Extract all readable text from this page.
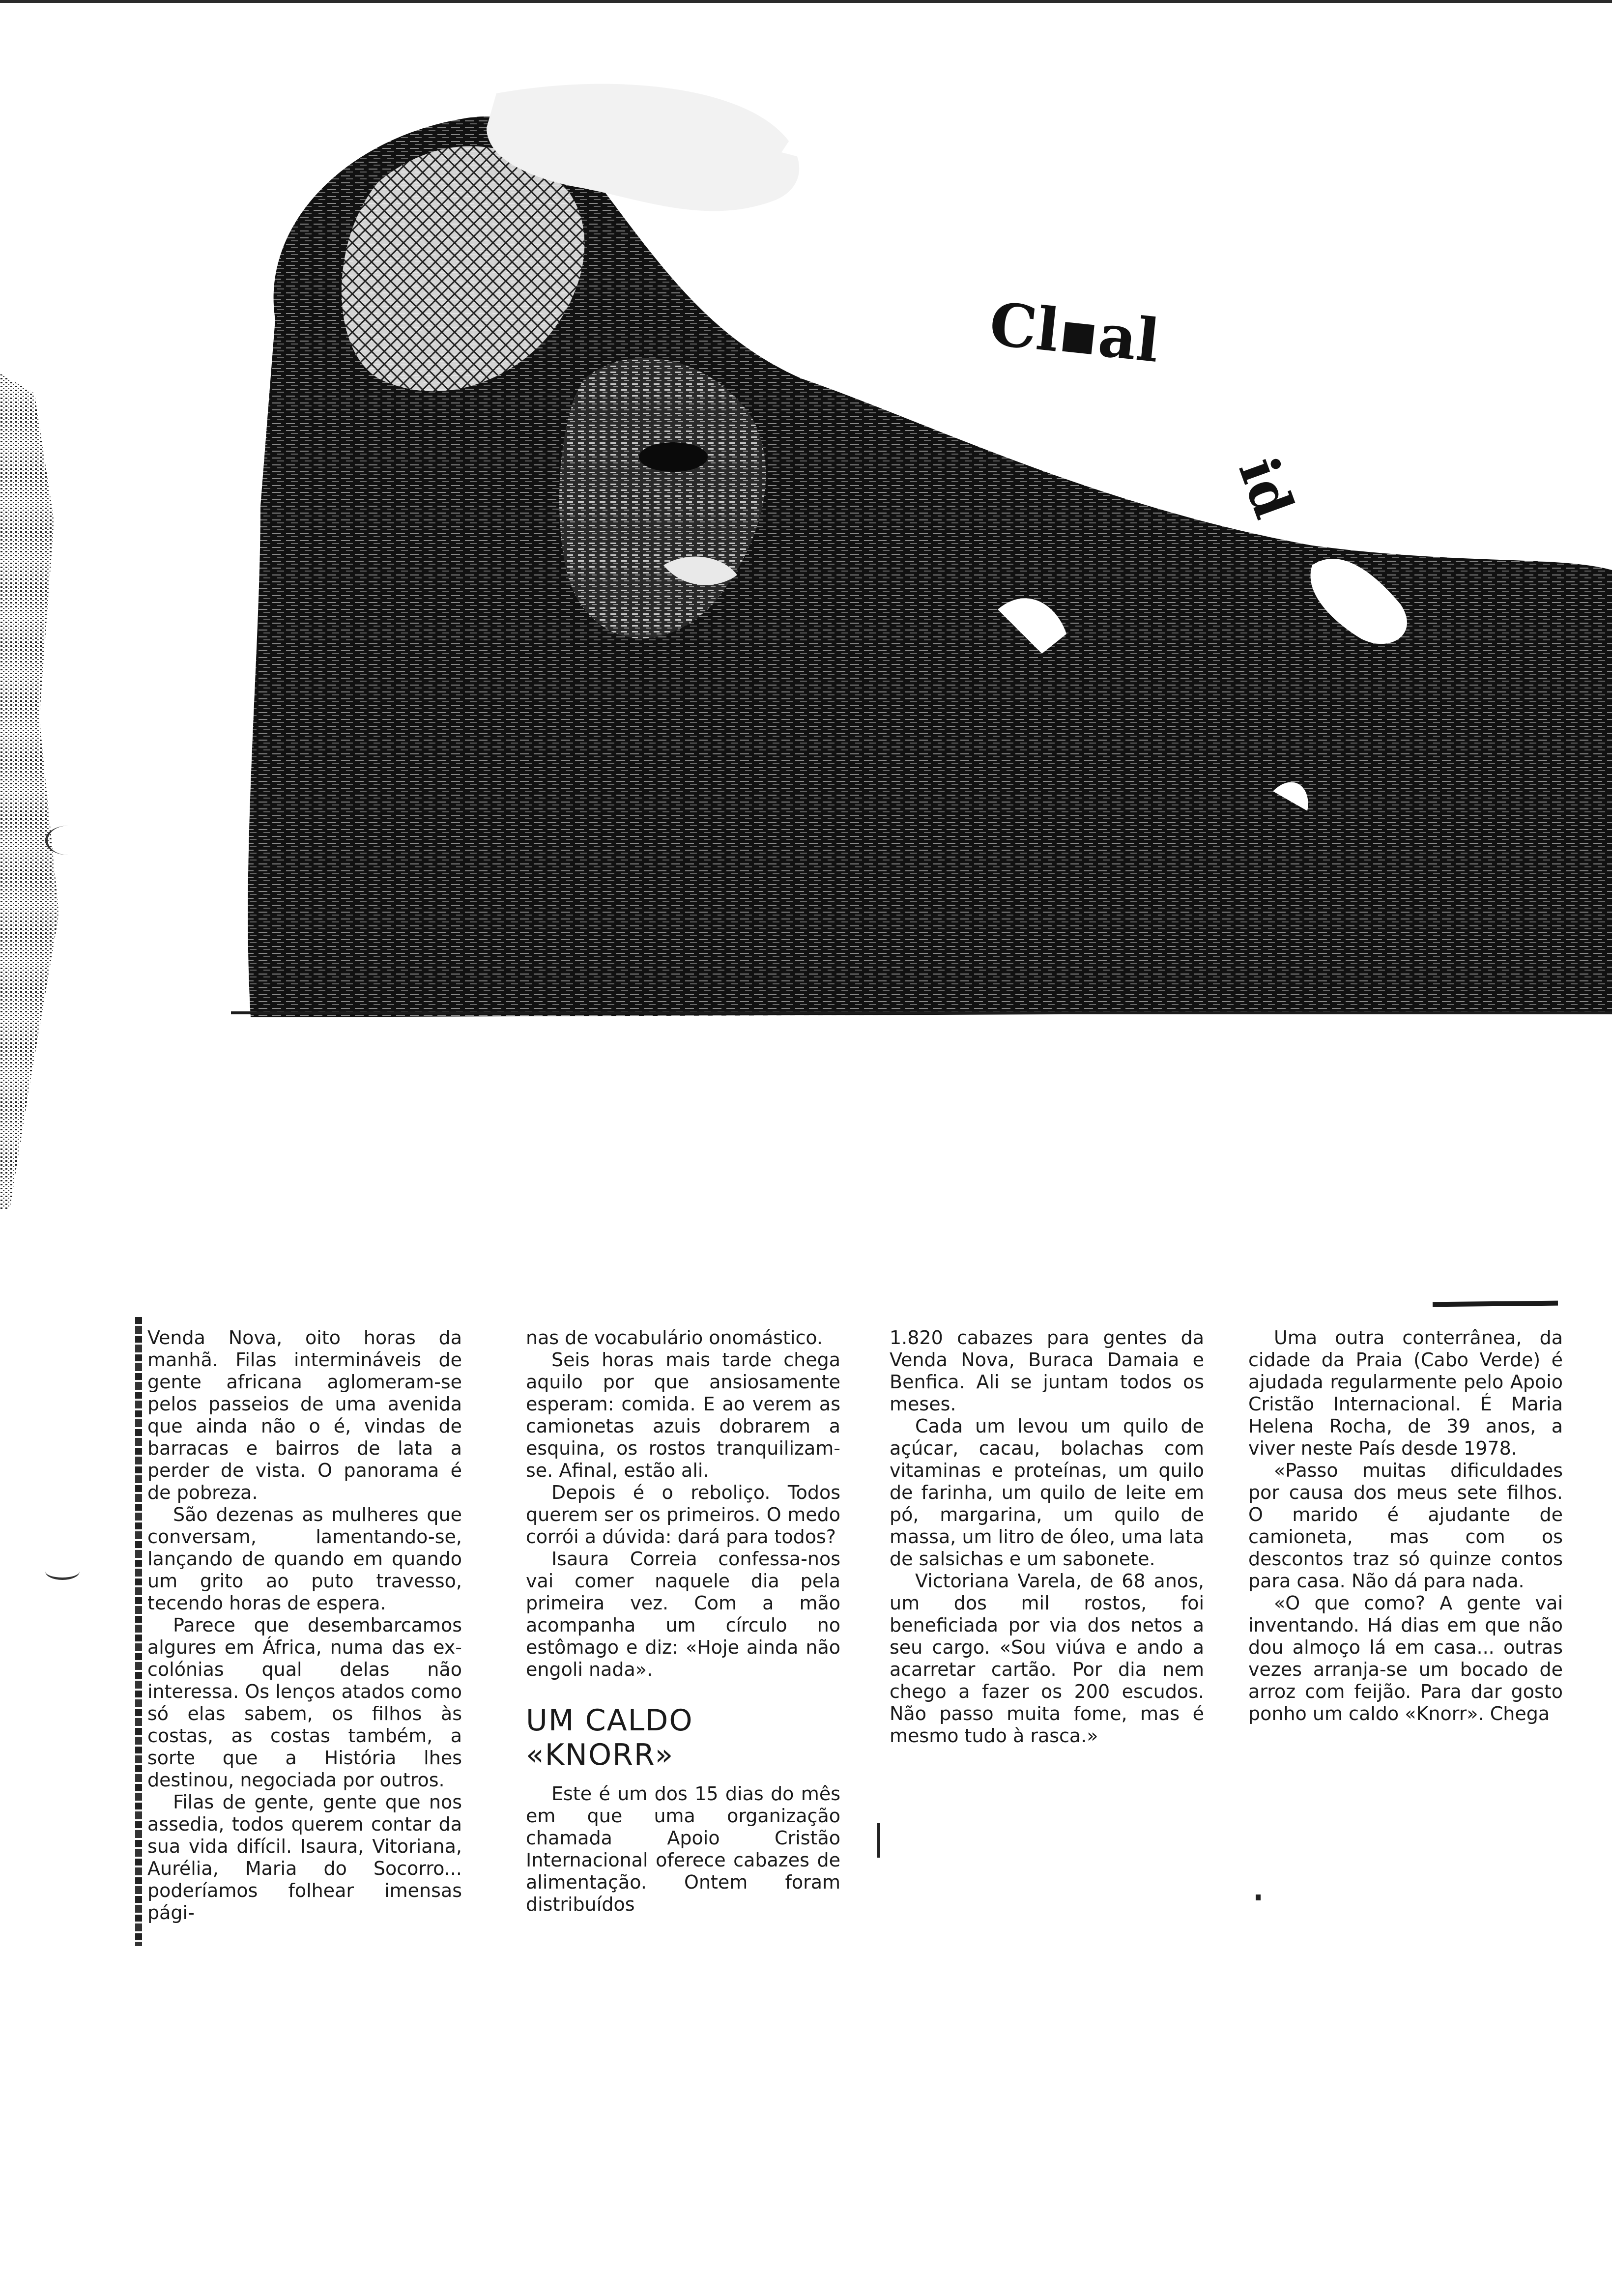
Cl▪al
id

Venda Nova, oito horas da manhã. Filas intermináveis de gente africana aglomeram-se pelos passeios de uma avenida que ainda não o é, vindas de barracas e bairros de lata a perder de vista. O panorama é de pobreza.

São dezenas as mulheres que conversam, lamentando-se, lançando de quando em quando um grito ao puto travesso, tecendo horas de espera.

Parece que desembarcamos algures em África, numa das ex-colónias qual delas não interessa. Os lenços atados como só elas sabem, os filhos às costas, as costas também, a sorte que a História lhes destinou, negociada por outros.

Filas de gente, gente que nos assedia, todos querem contar da sua vida difícil. Isaura, Vitoriana, Aurélia, Maria do Socorro... poderíamos folhear imensas pági-

nas de vocabulário onomástico.

Seis horas mais tarde chega aquilo por que ansiosamente esperam: comida. E ao verem as camionetas azuis dobrarem a esquina, os rostos tranquilizam-se. Afinal, estão ali.

Depois é o reboliço. Todos querem ser os primeiros. O medo corrói a dúvida: dará para todos?

Isaura Correia confessa-nos vai comer naquele dia pela primeira vez. Com a mão acompanha um círculo no estômago e diz: «Hoje ainda não engoli nada».

UM CALDO
«KNORR»

Este é um dos 15 dias do mês em que uma organização chamada Apoio Cristão Internacional oferece cabazes de alimentação. Ontem foram distribuídos

1.820 cabazes para gentes da Venda Nova, Buraca Damaia e Benfica. Ali se juntam todos os meses.

Cada um levou um quilo de açúcar, cacau, bolachas com vitaminas e proteínas, um quilo de farinha, um quilo de leite em pó, margarina, um quilo de massa, um litro de óleo, uma lata de salsichas e um sabonete.

Victoriana Varela, de 68 anos, um dos mil rostos, foi beneficiada por via dos netos a seu cargo. «Sou viúva e ando a acarretar cartão. Por dia nem chego a fazer os 200 escudos. Não passo muita fome, mas é mesmo tudo à rasca.»

Uma outra conterrânea, da cidade da Praia (Cabo Verde) é ajudada regularmente pelo Apoio Cristão Internacional. É Maria Helena Rocha, de 39 anos, a viver neste País desde 1978.

«Passo muitas dificuldades por causa dos meus sete filhos. O marido é ajudante de camioneta, mas com os descontos traz só quinze contos para casa. Não dá para nada.

«O que como? A gente vai inventando. Há dias em que não dou almoço lá em casa... outras vezes arranja-se um bocado de arroz com feijão. Para dar gosto ponho um caldo «Knorr». Chega
